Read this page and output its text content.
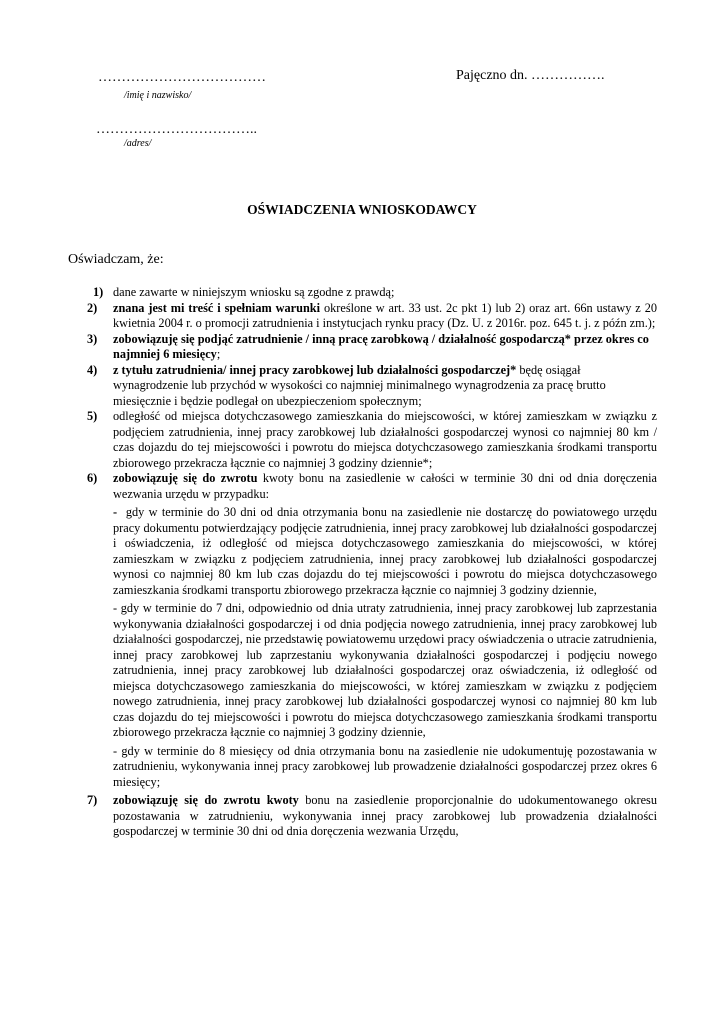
………………………………
/imię i nazwisko/
Pajęczno dn. …………….
……………………………..
/adres/
OŚWIADCZENIA WNIOSKODAWCY
Oświadczam, że:
1) dane zawarte w niniejszym wniosku są zgodne z prawdą;
2) znana jest mi treść i spełniam warunki określone w art. 33 ust. 2c pkt 1) lub 2) oraz art. 66n ustawy z 20 kwietnia 2004 r. o promocji zatrudnienia i instytucjach rynku pracy (Dz. U. z 2016r. poz. 645 t. j. z późn zm.);
3) zobowiązuję się podjąć zatrudnienie / inną pracę zarobkową / działalność gospodarczą* przez okres co najmniej 6 miesięcy;
4) z tytułu zatrudnienia/ innej pracy zarobkowej lub działalności gospodarczej* będę osiągał wynagrodzenie lub przychód w wysokości co najmniej minimalnego wynagrodzenia za pracę brutto miesięcznie i będzie podlegał on ubezpieczeniom społecznym;
5) odległość od miejsca dotychczasowego zamieszkania do miejscowości, w której zamieszkam w związku z podjęciem zatrudnienia, innej pracy zarobkowej lub działalności gospodarczej wynosi co najmniej 80 km / czas dojazdu do tej miejscowości i powrotu do miejsca dotychczasowego zamieszkania środkami transportu zbiorowego przekracza łącznie co najmniej 3 godziny dziennie*;
6) zobowiązuję się do zwrotu kwoty bonu na zasiedlenie w całości w terminie 30 dni od dnia doręczenia wezwania urzędu w przypadku:

-  gdy w terminie do 30 dni od dnia otrzymania bonu na zasiedlenie nie dostarczę do powiatowego urzędu pracy dokumentu potwierdzający podjęcie zatrudnienia, innej pracy zarobkowej lub działalności gospodarczej i oświadczenia, iż odległość od miejsca dotychczasowego zamieszkania do miejscowości, w której zamieszkam w związku z podjęciem zatrudnienia, innej pracy zarobkowej lub działalności gospodarczej wynosi co najmniej 80 km lub czas dojazdu do tej miejscowości i powrotu do miejsca dotychczasowego zamieszkania środkami transportu zbiorowego przekracza łącznie co najmniej 3 godziny dziennie,

- gdy w terminie do 7 dni, odpowiednio od dnia utraty zatrudnienia, innej pracy zarobkowej lub zaprzestania wykonywania działalności gospodarczej i od dnia podjęcia nowego zatrudnienia, innej pracy zarobkowej lub działalności gospodarczej, nie przedstawię powiatowemu urzędowi pracy oświadczenia o utracie zatrudnienia, innej pracy zarobkowej lub zaprzestaniu wykonywania działalności gospodarczej i podjęciu nowego zatrudnienia, innej pracy zarobkowej lub działalności gospodarczej oraz oświadczenia, iż odległość od miejsca dotychczasowego zamieszkania do miejscowości, w której zamieszkam w związku z podjęciem nowego zatrudnienia, innej pracy zarobkowej lub działalności gospodarczej wynosi co najmniej 80 km lub czas dojazdu do tej miejscowości i powrotu do miejsca dotychczasowego zamieszkania środkami transportu zbiorowego przekracza łącznie co najmniej 3 godziny dziennie,

- gdy w terminie do 8 miesięcy od dnia otrzymania bonu na zasiedlenie nie udokumentuję pozostawania w zatrudnieniu, wykonywania innej pracy zarobkowej lub prowadzenie działalności gospodarczej przez okres 6 miesięcy;

7) zobowiązuję się do zwrotu kwoty bonu na zasiedlenie proporcjonalnie do udokumentowanego okresu pozostawania w zatrudnieniu, wykonywania innej pracy zarobkowej lub prowadzenia działalności gospodarczej w terminie 30 dni od dnia doręczenia wezwania Urzędu,
